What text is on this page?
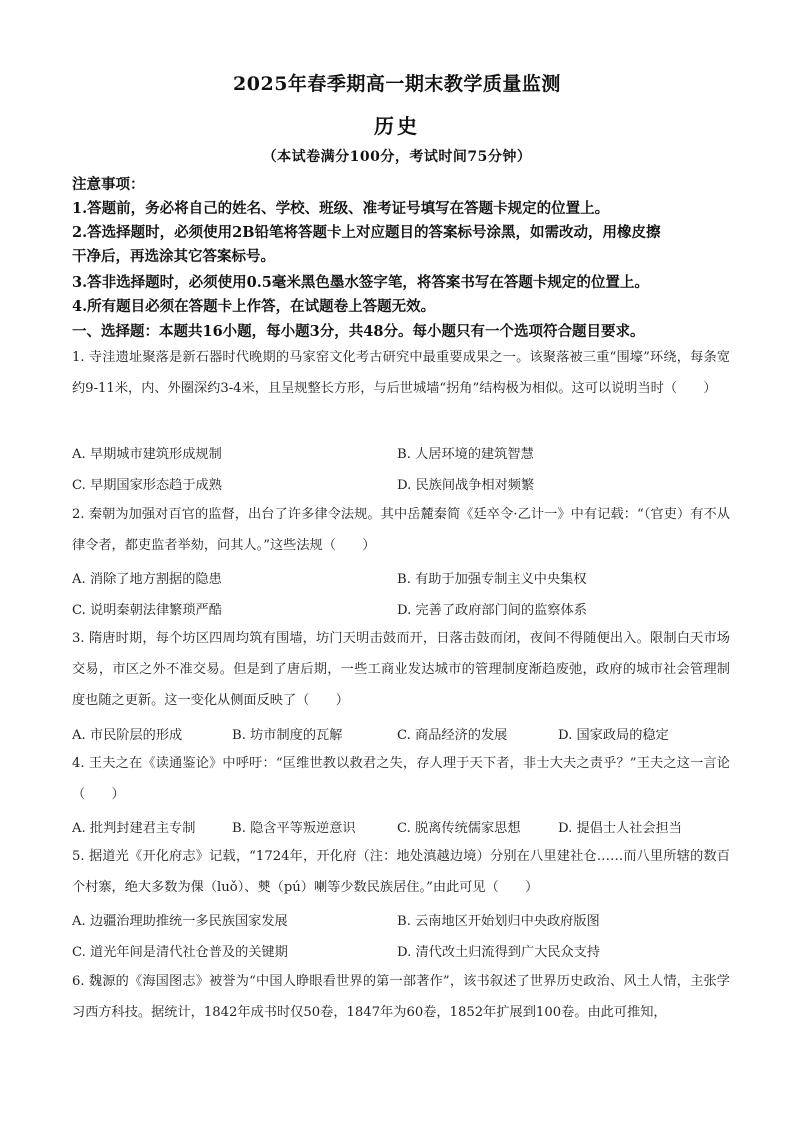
2025年春季期高一期末教学质量监测
历史
（本试卷满分100分，考试时间75分钟）
注意事项：
1.答题前，务必将自己的姓名、学校、班级、准考证号填写在答题卡规定的位置上。
2.答选择题时，必须使用2B铅笔将答题卡上对应题目的答案标号涂黑，如需改动，用橡皮擦
干净后，再选涂其它答案标号。
3.答非选择题时，必须使用0.5毫米黑色墨水签字笔，将答案书写在答题卡规定的位置上。
4.所有题目必须在答题卡上作答，在试题卷上答题无效。
一、选择题：本题共16小题，每小题3分，共48分。每小题只有一个选项符合题目要求。
1. 寺洼遗址聚落是新石器时代晚期的马家窑文化考古研究中最重要成果之一。该聚落被三重“围壕”环绕，每条宽约9-11米，内、外圈深约3-4米，且呈规整长方形，与后世城墙“拐角”结构极为相似。这可以说明当时（　　）
A. 早期城市建筑形成规制	B. 人居环境的建筑智慧
C. 早期国家形态趋于成熟	D. 民族间战争相对频繁
2. 秦朝为加强对百官的监督，出台了许多律令法规。其中岳麓秦简《廷卒令·乙计一》中有记载：“（官吏）有不从律令者，都吏监者举劾，问其人。”这些法规（　　）
A. 消除了地方割据的隐患	B. 有助于加强专制主义中央集权
C. 说明秦朝法律繁琐严酷	D. 完善了政府部门间的监察体系
3. 隋唐时期，每个坊区四周均筑有围墙，坊门天明击鼓而开，日落击鼓而闭，夜间不得随便出入。限制白天市场交易，市区之外不准交易。但是到了唐后期，一些工商业发达城市的管理制度渐趋废弛，政府的城市社会管理制度也随之更新。这一变化从侧面反映了（　　）
A. 市民阶层的形成	B. 坊市制度的瓦解	C. 商品经济的发展	D. 国家政局的稳定
4. 王夫之在《读通鉴论》中呼吁：“匡维世教以救君之失，存人理于天下者，非士大夫之责乎？”王夫之这一言论（　　）
A. 批判封建君主专制	B. 隐含平等叛逆意识	C. 脱离传统儒家思想	D. 提倡士人社会担当
5. 据道光《开化府志》记载，“1724年，开化府（注：地处滇越边境）分别在八里建社仓……而八里所辖的数百个村寨，绝大多数为倮（luǒ）、僰（pú）喇等少数民族居住。”由此可见（　　）
A. 边疆治理助推统一多民族国家发展	B. 云南地区开始划归中央政府版图
C. 道光年间是清代社仓普及的关键期	D. 清代改土归流得到广大民众支持
6. 魏源的《海国图志》被誉为“中国人睁眼看世界的第一部著作”，该书叙述了世界历史政治、风土人情，主张学习西方科技。据统计，1842年成书时仅50卷，1847年为60卷，1852年扩展到100卷。由此可推知，
